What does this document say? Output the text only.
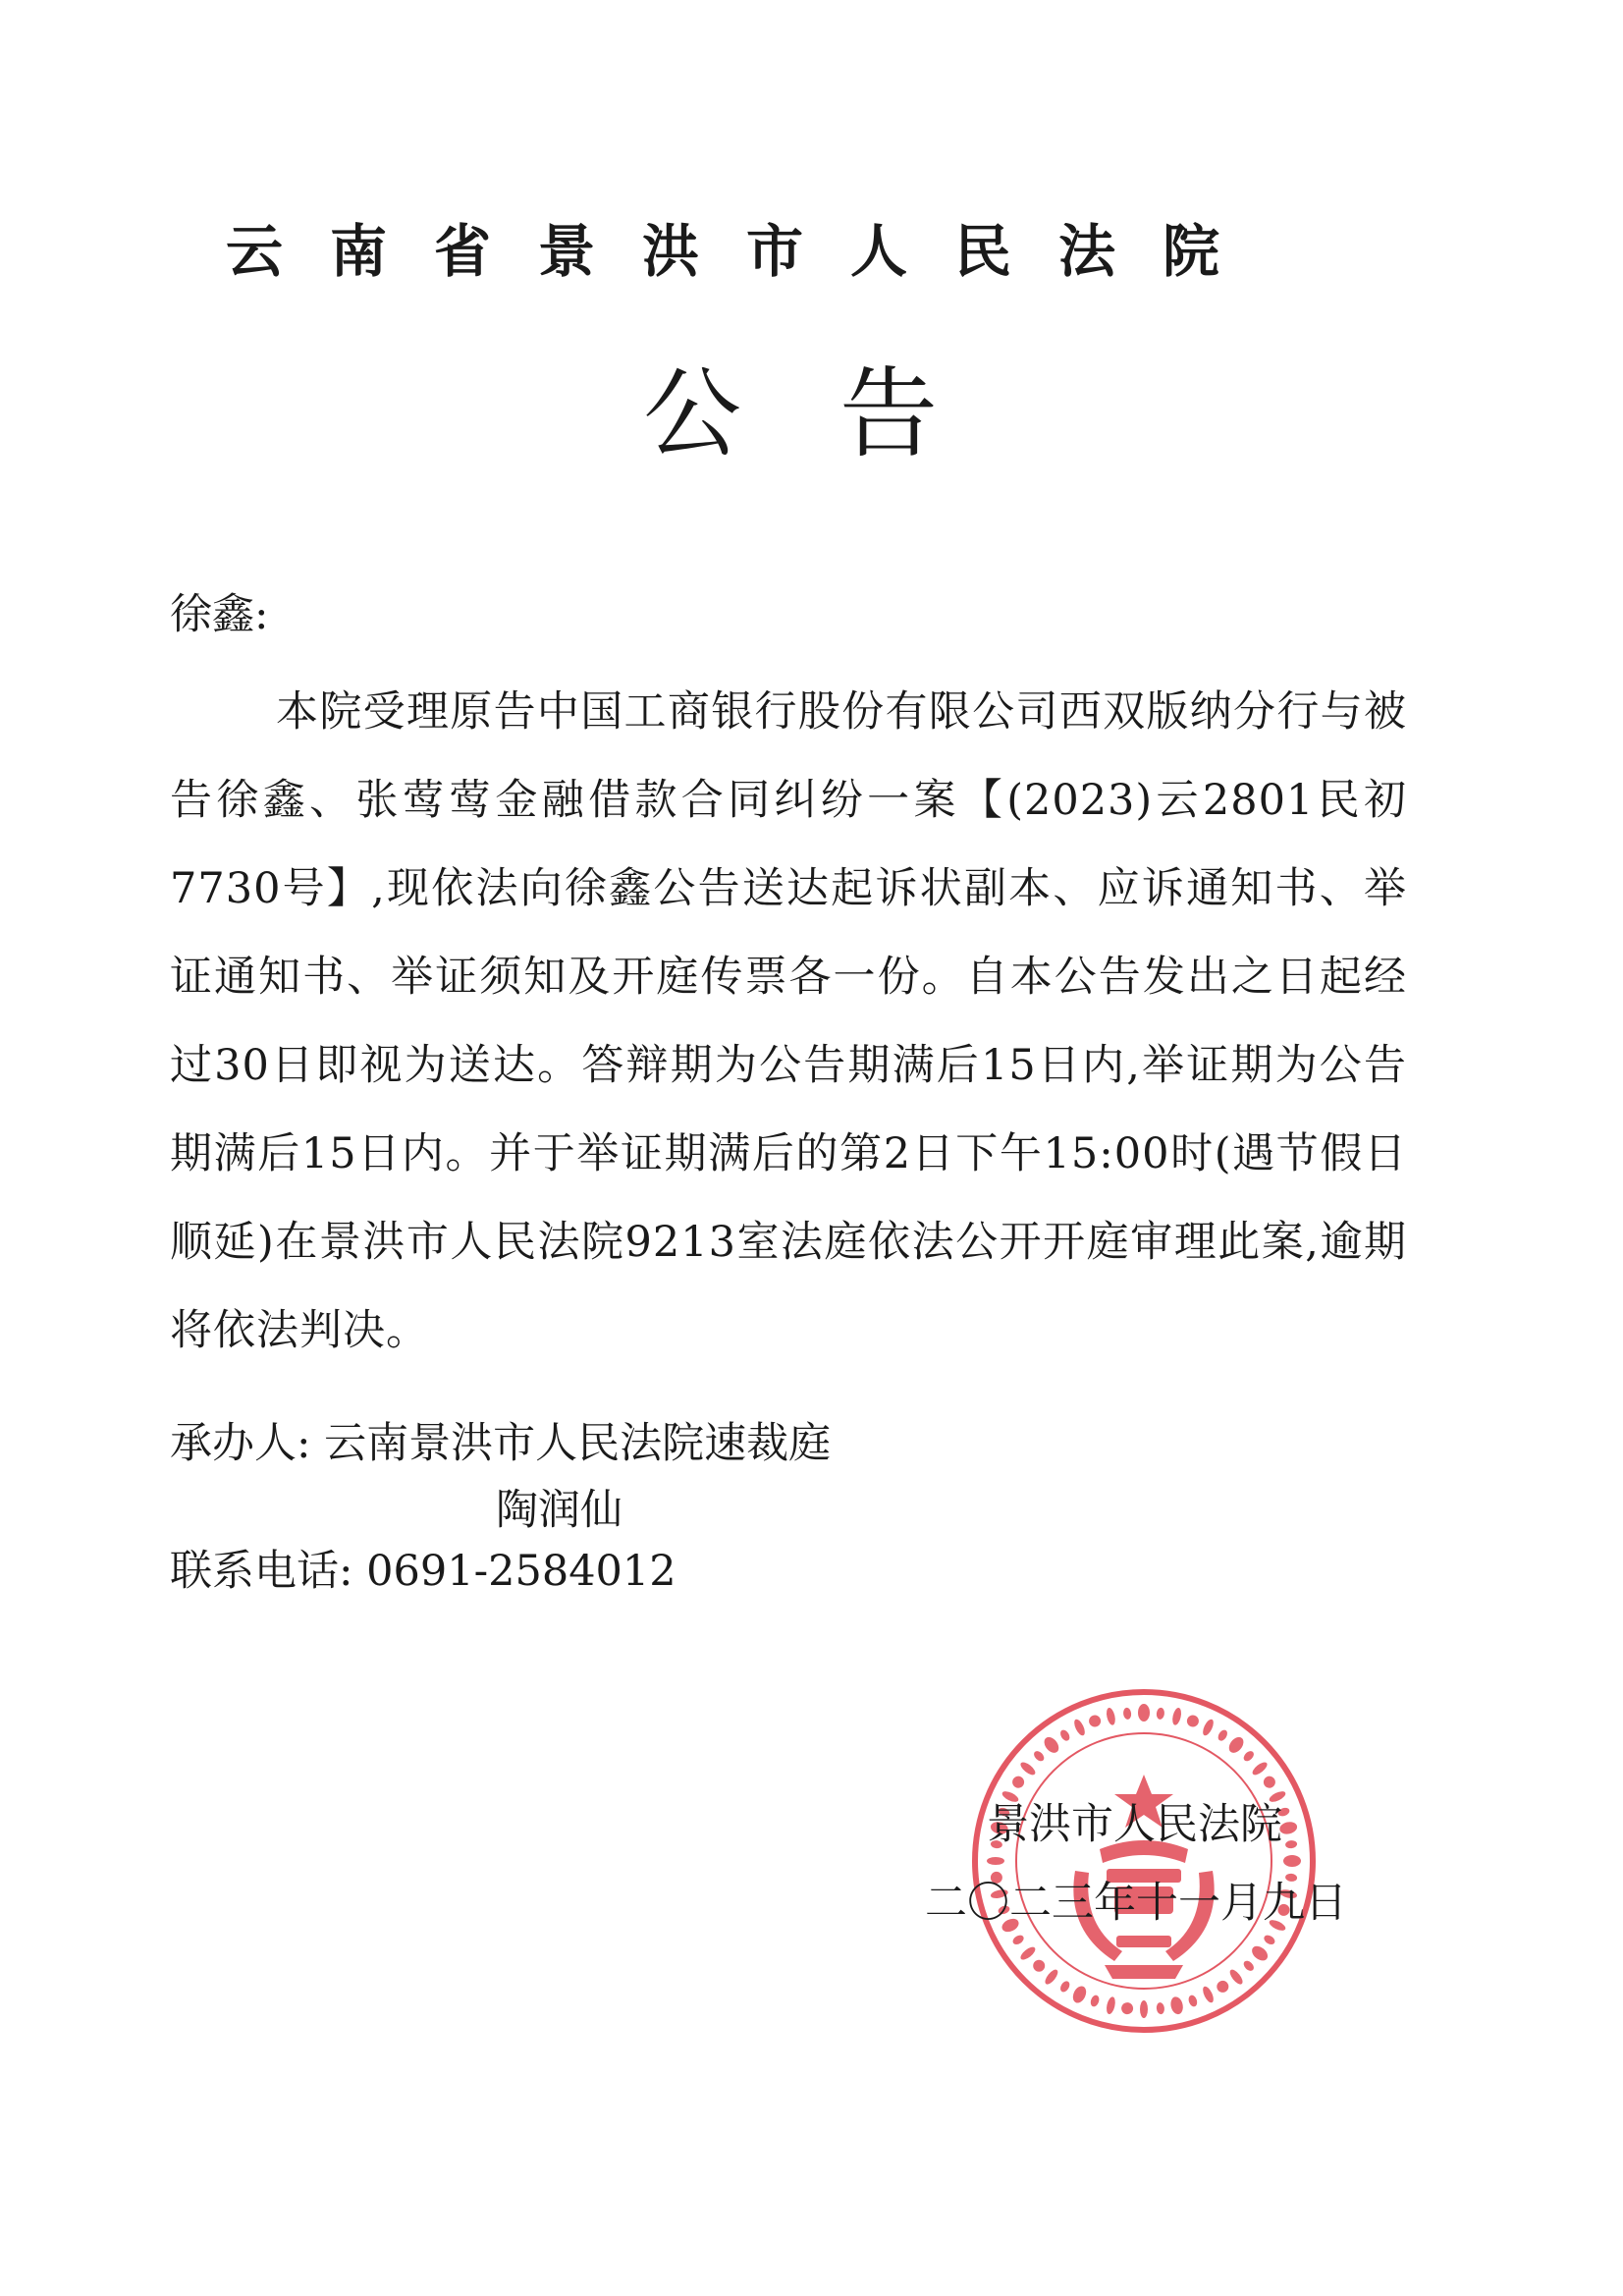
云南省景洪市人民法院
公告
徐鑫:
本院受理原告中国工商银行股份有限公司西双版纳分行与被告徐鑫、张莺莺金融借款合同纠纷一案【(2023)云2801民初7730号】,现依法向徐鑫公告送达起诉状副本、应诉通知书、举证通知书、举证须知及开庭传票各一份。自本公告发出之日起经过30日即视为送达。答辩期为公告期满后15日内,举证期为公告期满后15日内。并于举证期满后的第2日下午15:00时(遇节假日顺延)在景洪市人民法院9213室法庭依法公开开庭审理此案,逾期将依法判决。
承办人: 云南景洪市人民法院速裁庭
陶润仙
联系电话: 0691-2584012
景洪市人民法院
二〇二三年十一月九日
